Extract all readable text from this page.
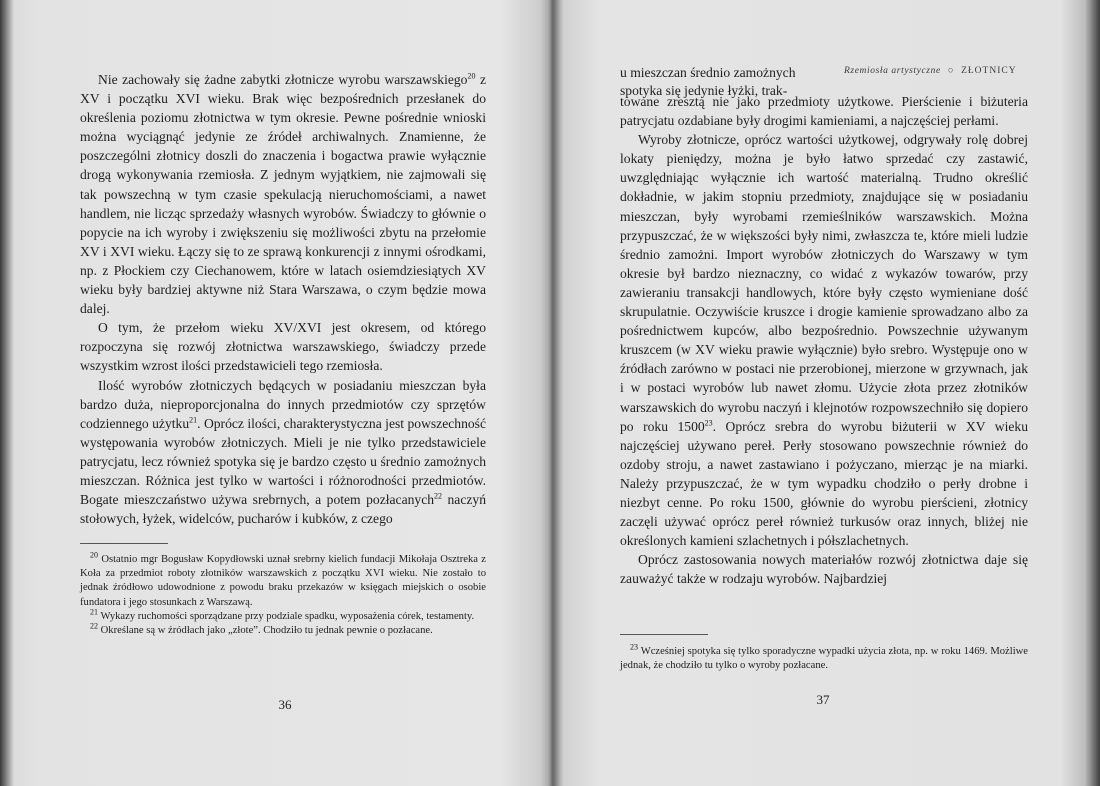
Nie zachowały się żadne zabytki złotnicze wyrobu warszawskiego$^{20}$ z XV i początku XVI wieku. Brak więc bezpośrednich przesłanek do określenia poziomu złotnictwa w tym okresie. Pewne pośrednie wnioski można wyciągnąć jedynie ze źródeł archiwalnych. Znamienne, że poszczególni złotnicy doszli do znaczenia i bogactwa prawie wyłącznie drogą wykonywania rzemiosła. Z jednym wyjątkiem, nie zajmowali się tak powszechną w tym czasie spekulacją nieruchomościami, a nawet handlem, nie licząc sprzedaży własnych wyrobów. Świadczy to głównie o popycie na ich wyroby i zwiększeniu się możliwości zbytu na przełomie XV i XVI wieku. Łączy się to ze sprawą konkurencji z innymi ośrodkami, np. z Płockiem czy Ciechanowem, które w latach osiemdziesiątych XV wieku były bardziej aktywne niż Stara Warszawa, o czym będzie mowa dalej.

O tym, że przełom wieku XV/XVI jest okresem, od którego rozpoczyna się rozwój złotnictwa warszawskiego, świadczy przede wszystkim wzrost ilości przedstawicieli tego rzemiosła.

Ilość wyrobów złotniczych będących w posiadaniu mieszczan była bardzo duża, nieproporcjonalna do innych przedmiotów czy sprzętów codziennego użytku$^{21}$. Oprócz ilości, charakterystyczna jest powszechność występowania wyrobów złotniczych. Mieli je nie tylko przedstawiciele patrycjatu, lecz również spotyka się je bardzo często u średnio zamożnych mieszczan. Różnica jest tylko w wartości i różnorodności przedmiotów. Bogate mieszczaństwo używa srebrnych, a potem pozłacanych$^{22}$ naczyń stołowych, łyżek, widelców, pucharów i kubków, z czego

$^{20}$ Ostatnio mgr Bogusław Kopydłowski uznał srebrny kielich fundacji Mikołaja Osztreka z Koła za przedmiot roboty złotników warszawskich z początku XVI wieku. Nie zostało to jednak źródłowo udowodnione z powodu braku przekazów w księgach miejskich o osobie fundatora i jego stosunkach z Warszawą.

$^{21}$ Wykazy ruchomości sporządzane przy podziale spadku, wyposażenia córek, testamenty.

$^{22}$ Określane są w źródłach jako „złote”. Chodziło tu jednak pewnie o pozłacane.

36
u mieszczan średnio zamożnych	Rzemiosła artystyczne ○ ZŁOTNICY
spotyka się jedynie łyżki, trak-

towane zresztą nie jako przedmioty użytkowe. Pierścienie i biżuteria patrycjatu ozdabiane były drogimi kamieniami, a najczęściej perłami.

Wyroby złotnicze, oprócz wartości użytkowej, odgrywały rolę dobrej lokaty pieniędzy, można je było łatwo sprzedać czy zastawić, uwzględniając wyłącznie ich wartość materialną. Trudno określić dokładnie, w jakim stopniu przedmioty, znajdujące się w posiadaniu mieszczan, były wyrobami rzemieślników warszawskich. Można przypuszczać, że w większości były nimi, zwłaszcza te, które mieli ludzie średnio zamożni. Import wyrobów złotniczych do Warszawy w tym okresie był bardzo nieznaczny, co widać z wykazów towarów, przy zawieraniu transakcji handlowych, które były często wymieniane dość skrupulatnie. Oczywiście kruszce i drogie kamienie sprowadzano albo za pośrednictwem kupców, albo bezpośrednio. Powszechnie używanym kruszcem (w XV wieku prawie wyłącznie) było srebro. Występuje ono w źródłach zarówno w postaci nie przerobionej, mierzone w grzywnach, jak i w postaci wyrobów lub nawet złomu. Użycie złota przez złotników warszawskich do wyrobu naczyń i klejnotów rozpowszechniło się dopiero po roku 1500$^{23}$. Oprócz srebra do wyrobu biżuterii w XV wieku najczęściej używano pereł. Perły stosowano powszechnie również do ozdoby stroju, a nawet zastawiano i pożyczano, mierząc je na miarki. Należy przypuszczać, że w tym wypadku chodziło o perły drobne i niezbyt cenne. Po roku 1500, głównie do wyrobu pierścieni, złotnicy zaczęli używać oprócz pereł również turkusów oraz innych, bliżej nie określonych kamieni szlachetnych i półszlachetnych.

Oprócz zastosowania nowych materiałów rozwój złotnictwa daje się zauważyć także w rodzaju wyrobów. Najbardziej

$^{23}$ Wcześniej spotyka się tylko sporadyczne wypadki użycia złota, np. w roku 1469. Możliwe jednak, że chodziło tu tylko o wyroby pozłacane.

37
